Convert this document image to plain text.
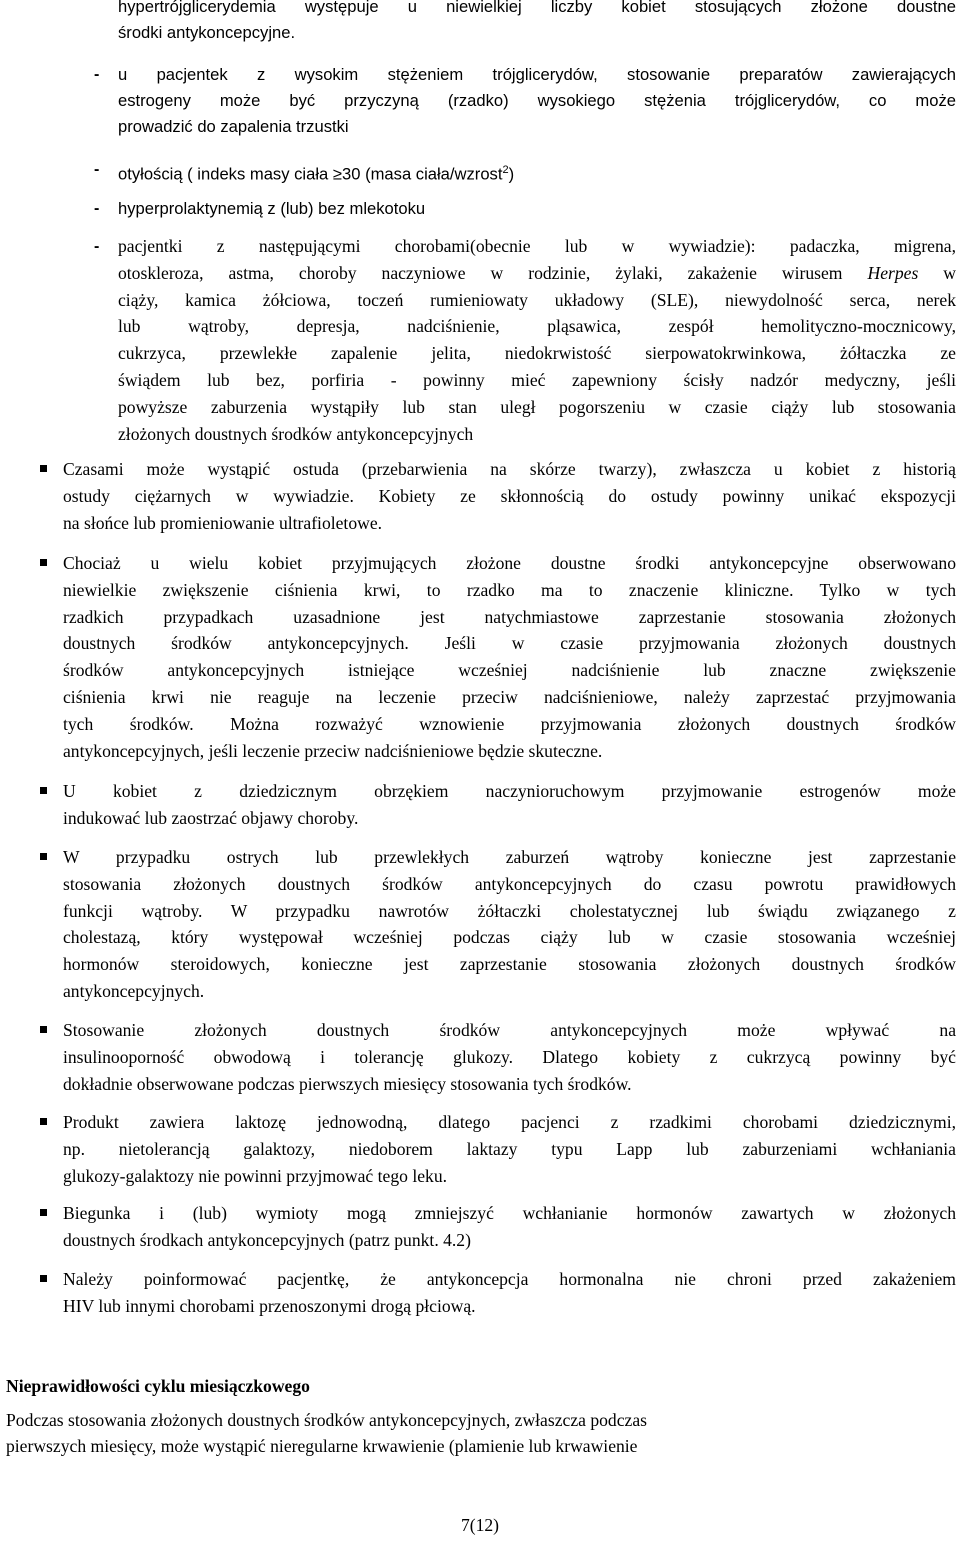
hypertrójglicerydemia występuje u niewielkiej liczby kobiet stosujących złożone doustne
środki antykoncepcyjne.
- u pacjentek z wysokim stężeniem trójglicerydów, stosowanie preparatów zawierających
estrogeny może być przyczyną (rzadko) wysokiego stężenia trójglicerydów, co może
prowadzić do zapalenia trzustki
- otyłością ( indeks masy ciała ≥30 (masa ciała/wzrost$^2$)
- hyperprolaktynemią z (lub) bez mlekotoku
- pacjentki z następującymi chorobami(obecnie lub w wywiadzie): padaczka, migrena,
otoskleroza, astma, choroby naczyniowe w rodzinie, żylaki, zakażenie wirusem Herpes w
ciąży, kamica żółciowa, toczeń rumieniowaty układowy (SLE), niewydolność serca, nerek
lub wątroby, depresja, nadciśnienie, pląsawica, zespół hemolityczno-mocznicowy,
cukrzyca, przewlekłe zapalenie jelita, niedokrwistość sierpowatokrwinkowa, żółtaczka ze
świądem lub bez, porfiria - powinny mieć zapewniony ścisły nadzór medyczny, jeśli
powyższe zaburzenia wystąpiły lub stan uległ pogorszeniu w czasie ciąży lub stosowania
złożonych doustnych środków antykoncepcyjnych
Czasami może wystąpić ostuda (przebarwienia na skórze twarzy), zwłaszcza u kobiet z historią
ostudy ciężarnych w wywiadzie. Kobiety ze skłonnością do ostudy powinny unikać ekspozycji
na słońce lub promieniowanie ultrafioletowe.
Chociaż u wielu kobiet przyjmujących złożone doustne środki antykoncepcyjne obserwowano
niewielkie zwiększenie ciśnienia krwi, to rzadko ma to znaczenie kliniczne. Tylko w tych
rzadkich przypadkach uzasadnione jest natychmiastowe zaprzestanie stosowania złożonych
doustnych środków antykoncepcyjnych. Jeśli w czasie przyjmowania złożonych doustnych
środków antykoncepcyjnych istniejące wcześniej nadciśnienie lub znaczne zwiększenie
ciśnienia krwi nie reaguje na leczenie przeciw nadciśnieniowe, należy zaprzestać przyjmowania
tych środków. Można rozważyć wznowienie przyjmowania złożonych doustnych środków
antykoncepcyjnych, jeśli leczenie przeciw nadciśnieniowe będzie skuteczne.
U kobiet z dziedzicznym obrzękiem naczynioruchowym przyjmowanie estrogenów może
indukować lub zaostrzać objawy choroby.
W przypadku ostrych lub przewlekłych zaburzeń wątroby konieczne jest zaprzestanie
stosowania złożonych doustnych środków antykoncepcyjnych do czasu powrotu prawidłowych
funkcji wątroby. W przypadku nawrotów żółtaczki cholestatycznej lub świądu związanego z
cholestazą, który występował wcześniej podczas ciąży lub w czasie stosowania wcześniej
hormonów steroidowych, konieczne jest zaprzestanie stosowania złożonych doustnych środków
antykoncepcyjnych.
Stosowanie złożonych doustnych środków antykoncepcyjnych może wpływać na
insulinooporność obwodową i tolerancję glukozy. Dlatego kobiety z cukrzycą powinny być
dokładnie obserwowane podczas pierwszych miesięcy stosowania tych środków.
Produkt zawiera laktozę jednowodną, dlatego pacjenci z rzadkimi chorobami dziedzicznymi,
np. nietolerancją galaktozy, niedoborem laktazy typu Lapp lub zaburzeniami wchłaniania
glukozy-galaktozy nie powinni przyjmować tego leku.
Biegunka i (lub) wymioty mogą zmniejszyć wchłanianie hormonów zawartych w złożonych
doustnych środkach antykoncepcyjnych (patrz punkt. 4.2)
Należy poinformować pacjentkę, że antykoncepcja hormonalna nie chroni przed zakażeniem
HIV lub innymi chorobami przenoszonymi drogą płciową.
Nieprawidłowości cyklu miesiączkowego
Podczas stosowania złożonych doustnych środków antykoncepcyjnych, zwłaszcza podczas
pierwszych miesięcy, może wystąpić nieregularne krwawienie (plamienie lub krwawienie
7(12)
